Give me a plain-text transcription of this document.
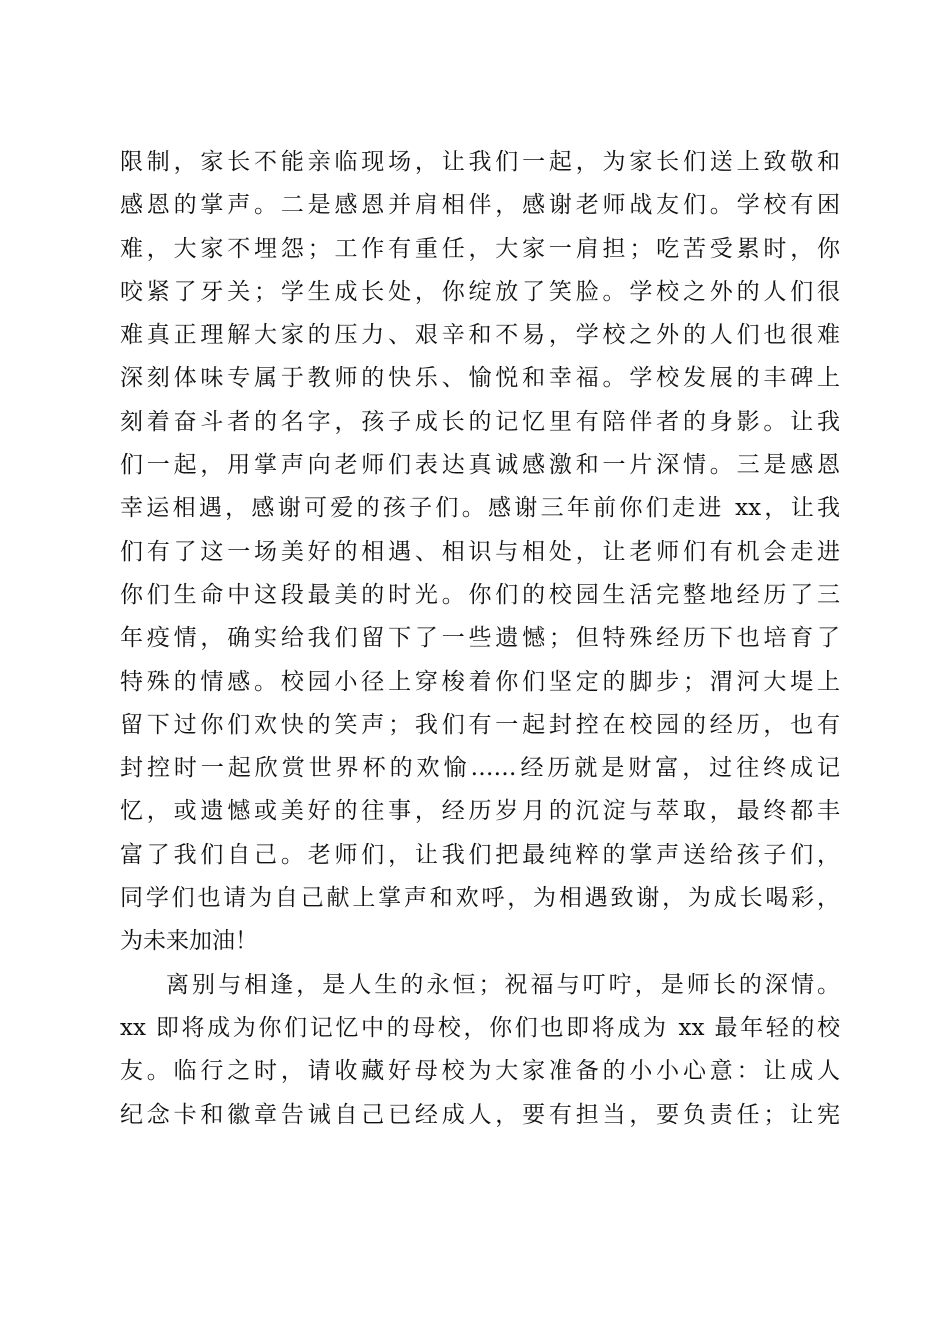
限制，家长不能亲临现场，让我们一起，为家长们送上致敬和
感恩的掌声。二是感恩并肩相伴，感谢老师战友们。学校有困
难，大家不埋怨；工作有重任，大家一肩担；吃苦受累时，你
咬紧了牙关；学生成长处，你绽放了笑脸。学校之外的人们很
难真正理解大家的压力、艰辛和不易，学校之外的人们也很难
深刻体味专属于教师的快乐、愉悦和幸福。学校发展的丰碑上
刻着奋斗者的名字，孩子成长的记忆里有陪伴者的身影。让我
们一起，用掌声向老师们表达真诚感激和一片深情。三是感恩
幸运相遇，感谢可爱的孩子们。感谢三年前你们走进 xx，让我
们有了这一场美好的相遇、相识与相处，让老师们有机会走进
你们生命中这段最美的时光。你们的校园生活完整地经历了三
年疫情，确实给我们留下了一些遗憾；但特殊经历下也培育了
特殊的情感。校园小径上穿梭着你们坚定的脚步；渭河大堤上
留下过你们欢快的笑声；我们有一起封控在校园的经历，也有
封控时一起欣赏世界杯的欢愉……经历就是财富，过往终成记
忆，或遗憾或美好的往事，经历岁月的沉淀与萃取，最终都丰
富了我们自己。老师们，让我们把最纯粹的掌声送给孩子们，
同学们也请为自己献上掌声和欢呼，为相遇致谢，为成长喝彩，
为未来加油！
离别与相逢，是人生的永恒；祝福与叮咛，是师长的深情。
xx 即将成为你们记忆中的母校，你们也即将成为 xx 最年轻的校
友。临行之时，请收藏好母校为大家准备的小小心意：让成人
纪念卡和徽章告诫自己已经成人，要有担当，要负责任；让宪
